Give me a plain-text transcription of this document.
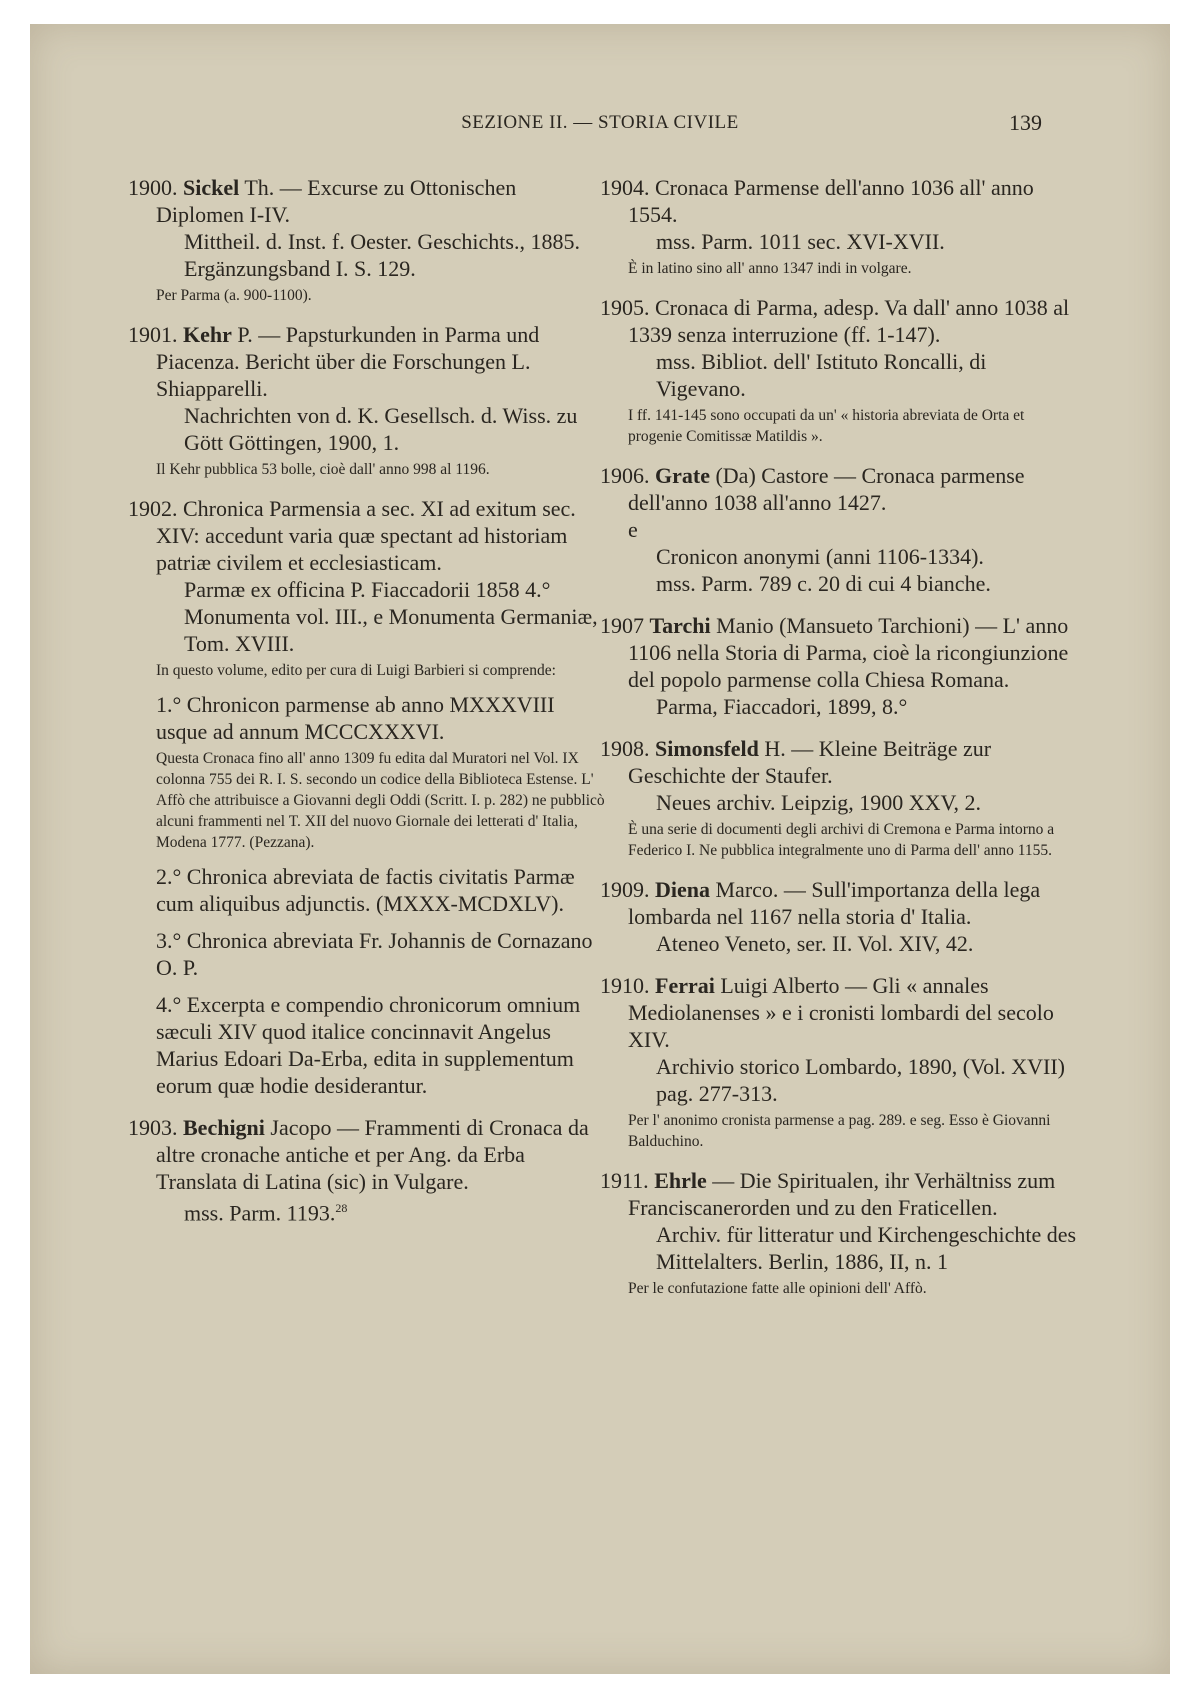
SEZIONE II. — STORIA CIVILE	139

1900. Sickel Th. — Excurse zu Ottonischen Diplomen I-IV.

Mittheil. d. Inst. f. Oester. Geschichts., 1885. Ergänzungsband I. S. 129.

Per Parma (a. 900-1100).

1901. Kehr P. — Papsturkunden in Parma und Piacenza. Bericht über die Forschungen L. Shiapparelli.

Nachrichten von d. K. Gesellsch. d. Wiss. zu Gött Göttingen, 1900, 1.

Il Kehr pubblica 53 bolle, cioè dall' anno 998 al 1196.

1902. Chronica Parmensia a sec. XI ad exitum sec. XIV: accedunt varia quæ spectant ad historiam patriæ civilem et ecclesiasticam.

Parmæ ex officina P. Fiaccadorii 1858 4.°

Monumenta vol. III., e Monumenta Germaniæ, Tom. XVIII.

In questo volume, edito per cura di Luigi Barbieri si comprende:

1.° Chronicon parmense ab anno MXXXVIII usque ad annum MCCCXXXVI.

Questa Cronaca fino all' anno 1309 fu edita dal Muratori nel Vol. IX colonna 755 dei R. I. S. secondo un codice della Biblioteca Estense. L' Affò che attribuisce a Giovanni degli Oddi (Scritt. I. p. 282) ne pubblicò alcuni frammenti nel T. XII del nuovo Giornale dei letterati d' Italia, Modena 1777. (Pezzana).

2.° Chronica abreviata de factis civitatis Parmæ cum aliquibus adjunctis. (MXXX-MCDXLV).

3.° Chronica abreviata Fr. Johannis de Cornazano O. P.

4.° Excerpta e compendio chronicorum omnium sæculi XIV quod italice concinnavit Angelus Marius Edoari Da-Erba, edita in supplementum eorum quæ hodie desiderantur.

1903. Bechigni Jacopo — Frammenti di Cronaca da altre cronache antiche et per Ang. da Erba Translata di Latina (sic) in Vulgare.

mss. Parm. 1193.28

1904. Cronaca Parmense dell'anno 1036 all' anno 1554.

mss. Parm. 1011 sec. XVI-XVII.

È in latino sino all' anno 1347 indi in volgare.

1905. Cronaca di Parma, adesp. Va dall' anno 1038 al 1339 senza interruzione (ff. 1-147).

mss. Bibliot. dell' Istituto Roncalli, di Vigevano.

I ff. 141-145 sono occupati da un' « historia abreviata de Orta et progenie Comitissæ Matildis ».

1906. Grate (Da) Castore — Cronaca parmense dell'anno 1038 all'anno 1427.

e

Cronicon anonymi (anni 1106-1334).

mss. Parm. 789 c. 20 di cui 4 bianche.

1907 Tarchi Manio (Mansueto Tarchioni) — L' anno 1106 nella Storia di Parma, cioè la ricongiunzione del popolo parmense colla Chiesa Romana.

Parma, Fiaccadori, 1899, 8.°

1908. Simonsfeld H. — Kleine Beiträge zur Geschichte der Staufer.

Neues archiv. Leipzig, 1900 XXV, 2.

È una serie di documenti degli archivi di Cremona e Parma intorno a Federico I. Ne pubblica integralmente uno di Parma dell' anno 1155.

1909. Diena Marco. — Sull'importanza della lega lombarda nel 1167 nella storia d' Italia.

Ateneo Veneto, ser. II. Vol. XIV, 42.

1910. Ferrai Luigi Alberto — Gli « annales Mediolanenses » e i cronisti lombardi del secolo XIV.

Archivio storico Lombardo, 1890, (Vol. XVII) pag. 277-313.

Per l' anonimo cronista parmense a pag. 289. e seg. Esso è Giovanni Balduchino.

1911. Ehrle — Die Spiritualen, ihr Verhältniss zum Franciscanerorden und zu den Fraticellen.

Archiv. für litteratur und Kirchengeschichte des Mittelalters. Berlin, 1886, II, n. 1

Per le confutazione fatte alle opinioni dell' Affò.
